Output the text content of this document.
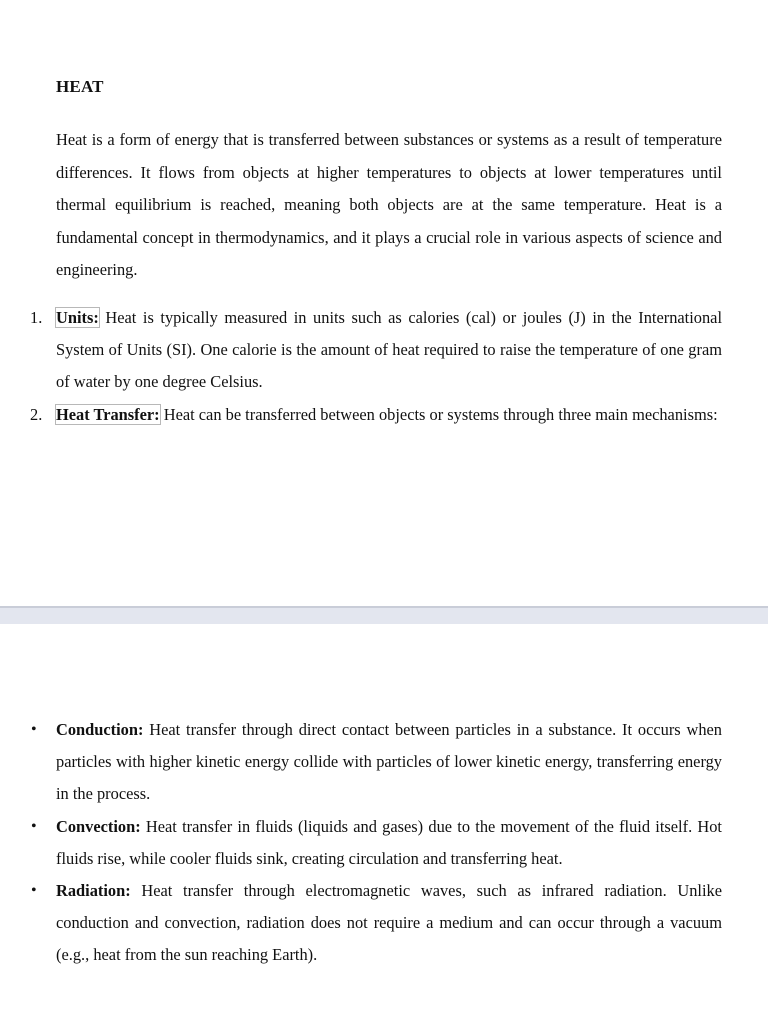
HEAT

Heat is a form of energy that is transferred between substances or systems as a result of temperature differences. It flows from objects at higher temperatures to objects at lower temperatures until thermal equilibrium is reached, meaning both objects are at the same temperature. Heat is a fundamental concept in thermodynamics, and it plays a crucial role in various aspects of science and engineering.

1. Units: Heat is typically measured in units such as calories (cal) or joules (J) in the International System of Units (SI). One calorie is the amount of heat required to raise the temperature of one gram of water by one degree Celsius.
2. Heat Transfer: Heat can be transferred between objects or systems through three main mechanisms:
• Conduction: Heat transfer through direct contact between particles in a substance. It occurs when particles with higher kinetic energy collide with particles of lower kinetic energy, transferring energy in the process.
• Convection: Heat transfer in fluids (liquids and gases) due to the movement of the fluid itself. Hot fluids rise, while cooler fluids sink, creating circulation and transferring heat.
• Radiation: Heat transfer through electromagnetic waves, such as infrared radiation. Unlike conduction and convection, radiation does not require a medium and can occur through a vacuum (e.g., heat from the sun reaching Earth).
